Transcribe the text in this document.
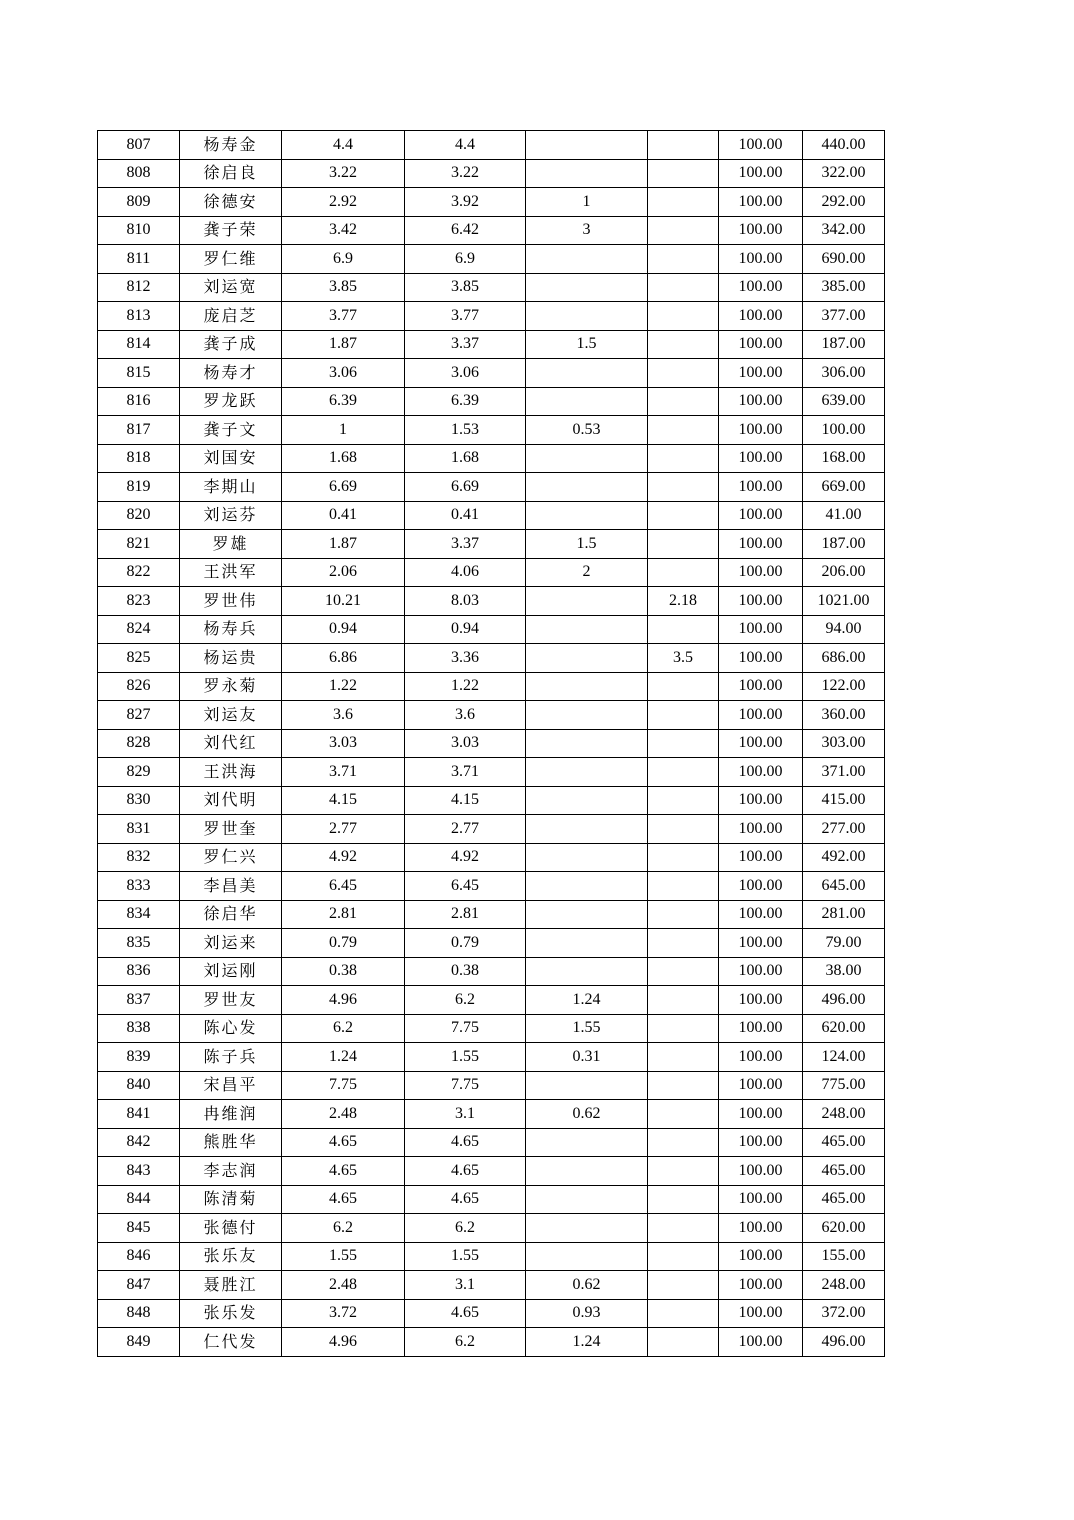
807	杨寿金	4.4	4.4			100.00	440.00
808	徐启良	3.22	3.22			100.00	322.00
809	徐德安	2.92	3.92	1		100.00	292.00
810	龚子荣	3.42	6.42	3		100.00	342.00
811	罗仁维	6.9	6.9			100.00	690.00
812	刘运宽	3.85	3.85			100.00	385.00
813	庞启芝	3.77	3.77			100.00	377.00
814	龚子成	1.87	3.37	1.5		100.00	187.00
815	杨寿才	3.06	3.06			100.00	306.00
816	罗龙跃	6.39	6.39			100.00	639.00
817	龚子文	1	1.53	0.53		100.00	100.00
818	刘国安	1.68	1.68			100.00	168.00
819	李期山	6.69	6.69			100.00	669.00
820	刘运芬	0.41	0.41			100.00	41.00
821	罗雄	1.87	3.37	1.5		100.00	187.00
822	王洪军	2.06	4.06	2		100.00	206.00
823	罗世伟	10.21	8.03		2.18	100.00	1021.00
824	杨寿兵	0.94	0.94			100.00	94.00
825	杨运贵	6.86	3.36		3.5	100.00	686.00
826	罗永菊	1.22	1.22			100.00	122.00
827	刘运友	3.6	3.6			100.00	360.00
828	刘代红	3.03	3.03			100.00	303.00
829	王洪海	3.71	3.71			100.00	371.00
830	刘代明	4.15	4.15			100.00	415.00
831	罗世奎	2.77	2.77			100.00	277.00
832	罗仁兴	4.92	4.92			100.00	492.00
833	李昌美	6.45	6.45			100.00	645.00
834	徐启华	2.81	2.81			100.00	281.00
835	刘运来	0.79	0.79			100.00	79.00
836	刘运刚	0.38	0.38			100.00	38.00
837	罗世友	4.96	6.2	1.24		100.00	496.00
838	陈心发	6.2	7.75	1.55		100.00	620.00
839	陈子兵	1.24	1.55	0.31		100.00	124.00
840	宋昌平	7.75	7.75			100.00	775.00
841	冉维润	2.48	3.1	0.62		100.00	248.00
842	熊胜华	4.65	4.65			100.00	465.00
843	李志润	4.65	4.65			100.00	465.00
844	陈清菊	4.65	4.65			100.00	465.00
845	张德付	6.2	6.2			100.00	620.00
846	张乐友	1.55	1.55			100.00	155.00
847	聂胜江	2.48	3.1	0.62		100.00	248.00
848	张乐发	3.72	4.65	0.93		100.00	372.00
849	仁代发	4.96	6.2	1.24		100.00	496.00
